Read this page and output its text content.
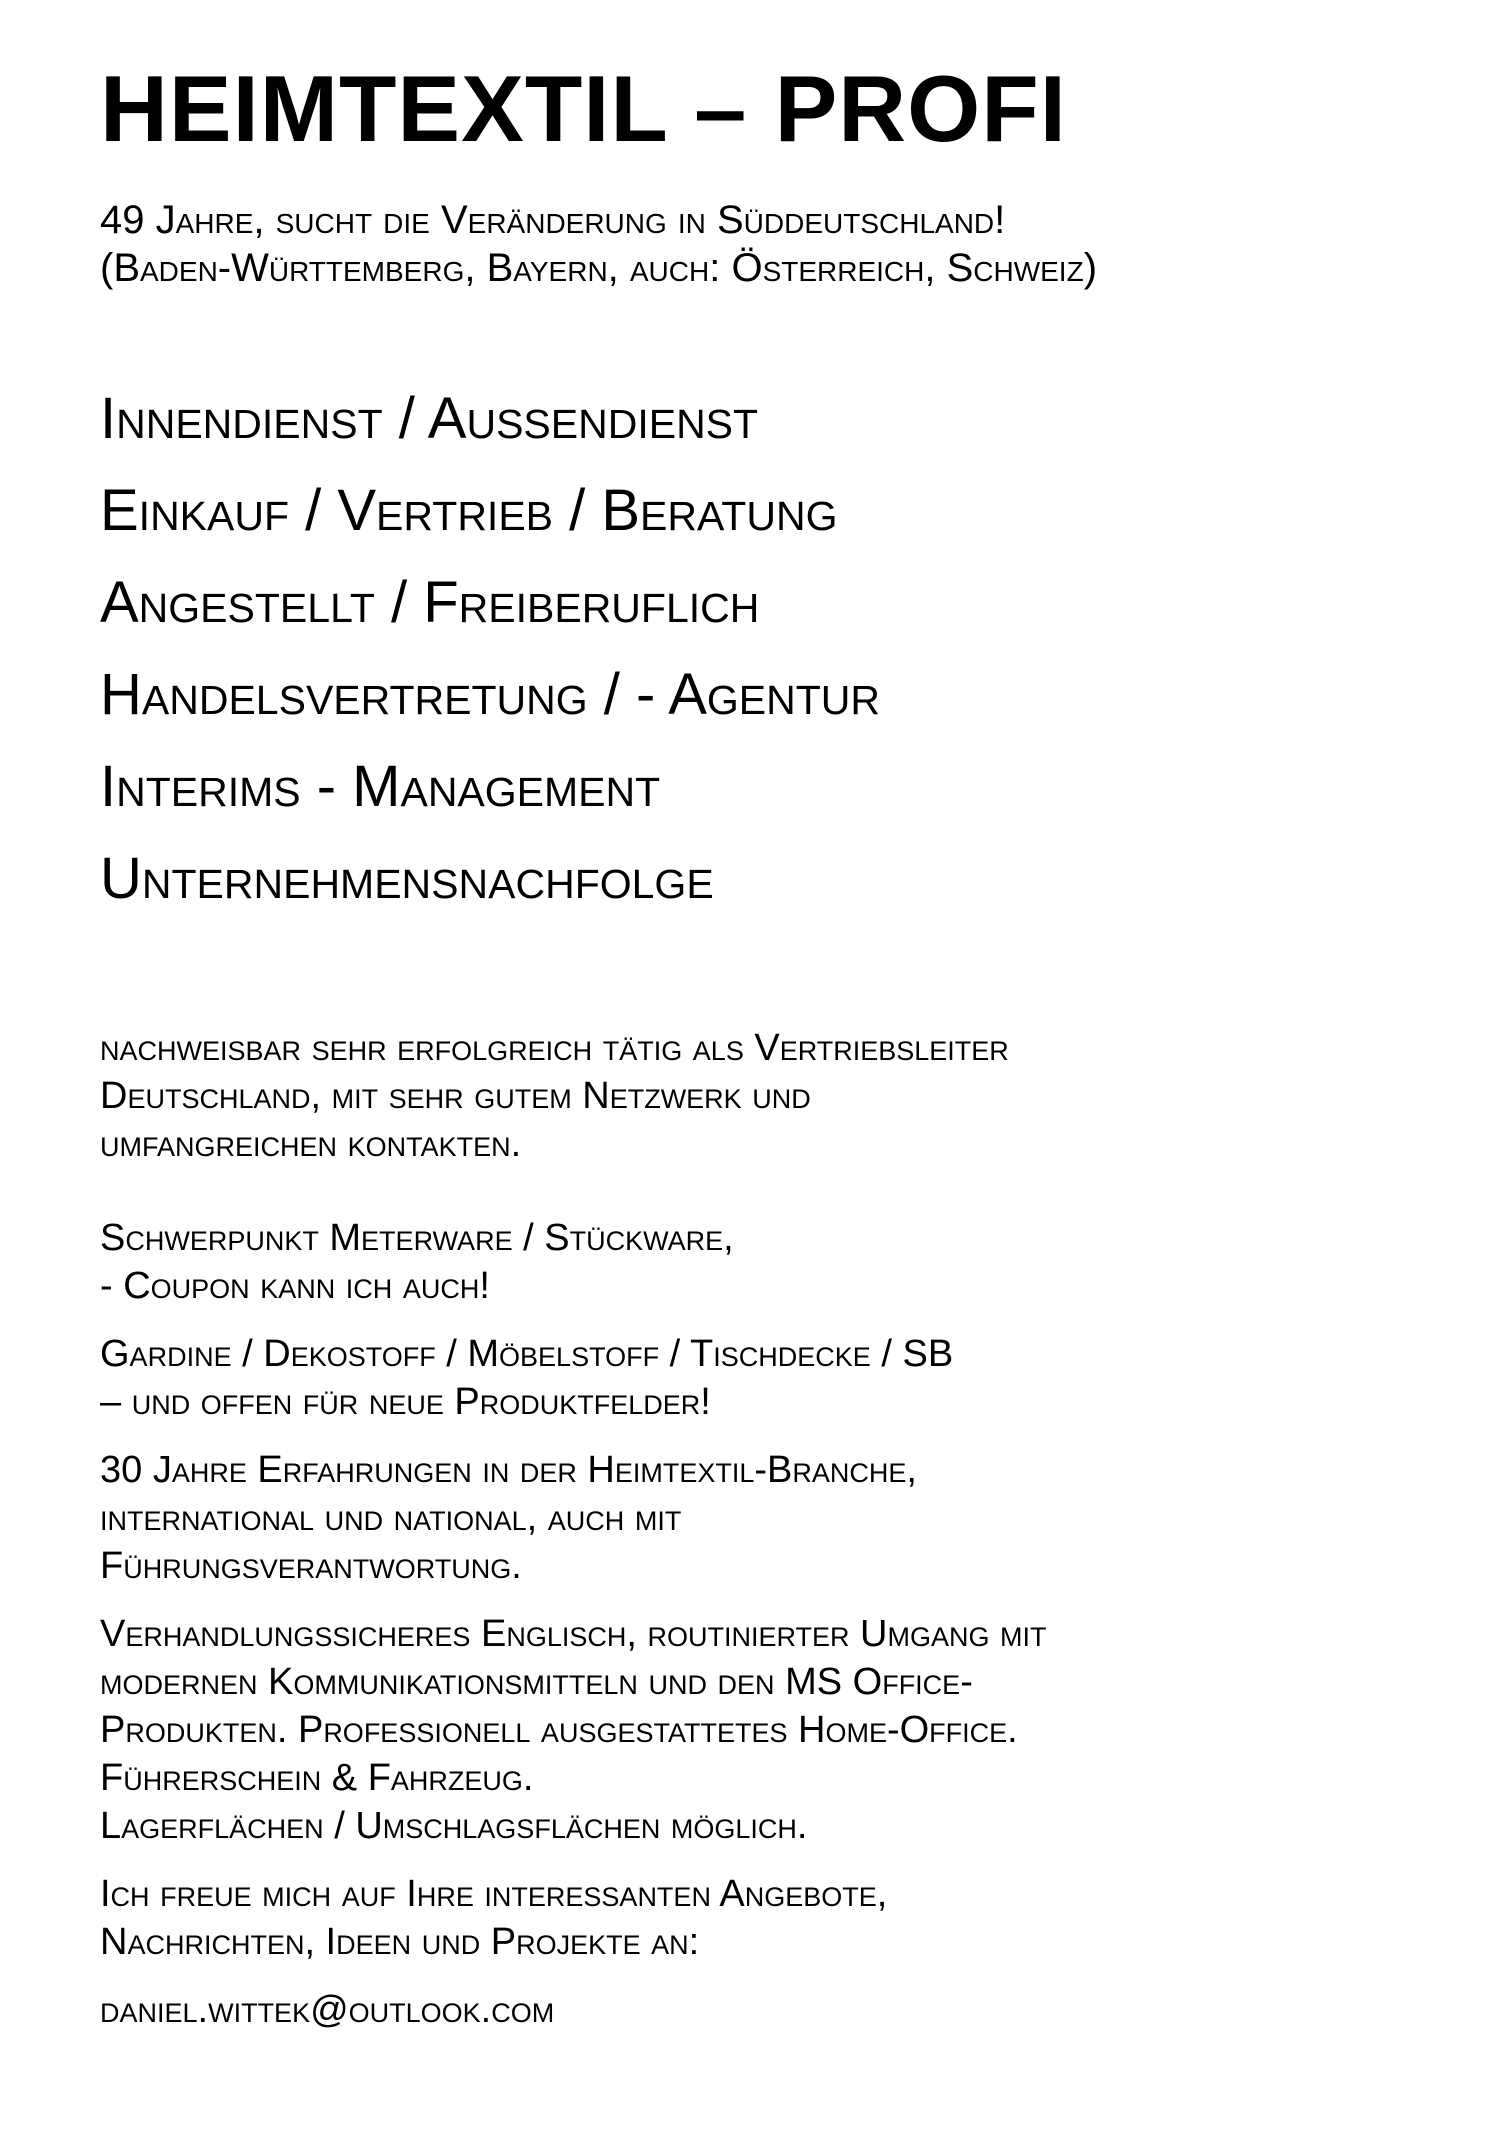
HEIMTEXTIL – PROFI

49 Jahre, sucht die Veränderung in Süddeutschland!

(Baden-Württemberg, Bayern, auch: Österreich, Schweiz)

Innendienst / Aussendienst

Einkauf / Vertrieb / Beratung

Angestellt / Freiberuflich

Handelsvertretung / - Agentur

Interims - Management

Unternehmensnachfolge

nachweisbar sehr erfolgreich tätig als Vertriebsleiter

Deutschland, mit sehr gutem Netzwerk und

umfangreichen kontakten.

Schwerpunkt Meterware / Stückware,

- Coupon kann ich auch!

Gardine / Dekostoff / Möbelstoff / Tischdecke / SB

– und offen für neue Produktfelder!

30 Jahre Erfahrungen in der Heimtextil-Branche,

international und national, auch mit

Führungsverantwortung.

Verhandlungssicheres Englisch, routinierter Umgang mit

modernen Kommunikationsmitteln und den MS Office-

Produkten. Professionell ausgestattetes Home-Office.

Führerschein & Fahrzeug.

Lagerflächen / Umschlagsflächen möglich.

Ich freue mich auf Ihre interessanten Angebote,

Nachrichten, Ideen und Projekte an:

daniel.wittek@outlook.com
